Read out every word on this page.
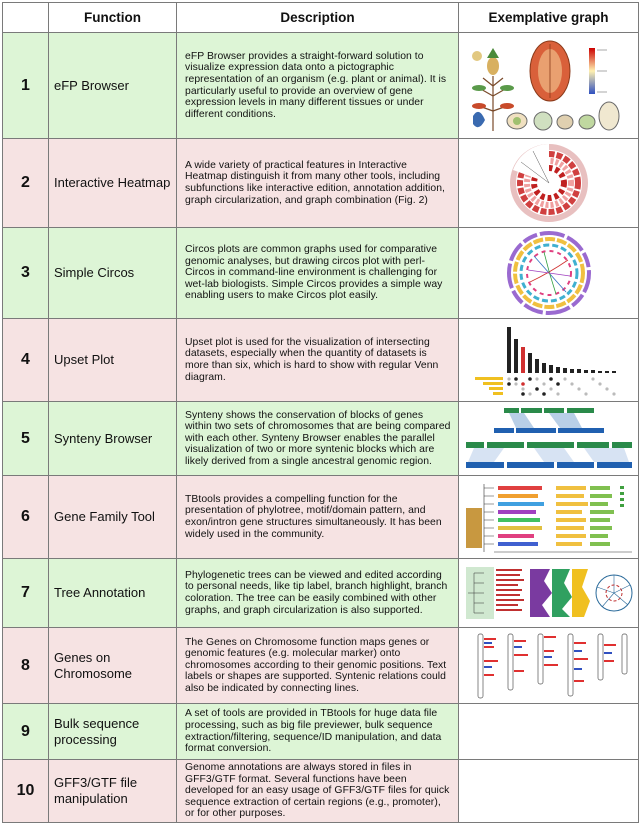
	Function	Description	Exemplative graph
1	eFP Browser	eFP Browser provides a straight-forward solution to visualize expression data onto a pictographic representation of an organism (e.g. plant or animal). It is particularly useful to provide an overview of gene expression levels in many different tissues or under different conditions.	

2	Interactive Heatmap	A wide variety of practical features in Interactive Heatmap distinguish it from many other tools, including subfunctions like interactive edition, annotation addition, graph circularization, and graph combination (Fig. 2)	

3	Simple Circos	Circos plots are common graphs used for comparative genomic analyses, but drawing circos plot with perl-Circos in command-line environment is challenging for wet-lab biologists. Simple Circos provides a simple way enabling users to make Circos plot easily.	

4	Upset Plot	Upset plot is used for the visualization of intersecting datasets, especially when the quantity of datasets is more than six, which is hard to show with regular Venn diagram.	

5	Synteny Browser	Synteny shows the conservation of blocks of genes within two sets of chromosomes that are being compared with each other. Synteny Browser enables the parallel visualization of two or more syntenic blocks which are likely derived from a single ancestral genomic region.	

6	Gene Family Tool	TBtools provides a compelling function for the presentation of phylotree, motif/domain pattern, and exon/intron gene structures simultaneously. It has been widely used in the community.	

7	Tree Annotation	Phylogenetic trees can be viewed and edited according to personal needs, like tip label, branch highlight, branch coloration. The tree can be easily combined with other graphs, and graph circularization is also supported.	

8	Genes on Chromosome	The Genes on Chromosome function maps genes or genomic features (e.g. molecular marker) onto chromosomes according to their genomic positions. Text labels or shapes are supported. Syntenic relations could also be indicated by connecting lines.	

9	Bulk sequence processing	A set of tools are provided in TBtools for huge data file processing, such as big file previewer, bulk sequence extraction/filtering, sequence/ID manipulation, and data format conversion.	
10	GFF3/GTF file manipulation	Genome annotations are always stored in files in GFF3/GTF format. Several functions have been developed for an easy usage of GFF3/GTF files for quick sequence extraction of certain regions (e.g., promoter), or for other purposes.	
